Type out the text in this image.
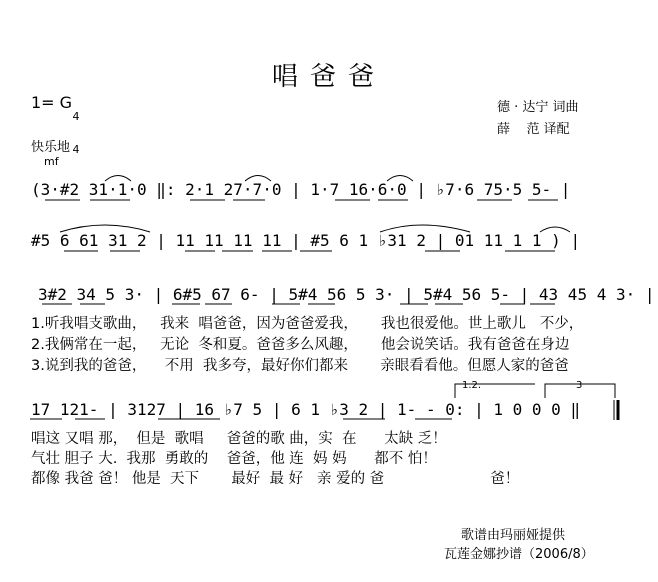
唱爸爸
1= G

4

4

德 · 达宁 词曲
薛    范 译配
快乐地
mf
(3·#2 31·1·0 ‖: 2·1 27·7·0 | 1·7 16·6·0 | ♭7·6 75·5 5- |
#5 6 61 31 2 | 11 11 11 11 | #5 6 1 ♭31 2 | 01 11 1 1 ) |
3#2 34 5 3· | 6#5 67 6- | 5#4 56 5 3· | 5#4 56 5- | 43 45 4 3· |
1.听我唱支歌曲，   我来  唱爸爸，因为爸爸爱我，     我也很爱他。世上歌儿   不少，
2.我俩常在一起，   无论  冬和夏。爸爸多么风趣，     他会说笑话。我有爸爸在身边
3.说到我的爸爸，    不用  我多夸，最好你们都来       亲眼看看他。但愿人家的爸爸
1.2.	3
17 121- | 3127 | 16 ♭7 5 | 6 1 ♭3 2 | 1- - 0: | 1 0 0 0 ‖
唱这 又唱 那，  但是  歌唱     爸爸的歌 曲，实  在      太缺 乏！
气壮 胆子 大.  我那  勇敢的    爸爸，他 连  妈 妈      都不 怕！
都像 我爸 爸！ 他是  天下       最好  最 好   亲 爱的 爸                       爸！
歌谱由玛丽娅提供
瓦莲金娜抄谱（2006/8）
